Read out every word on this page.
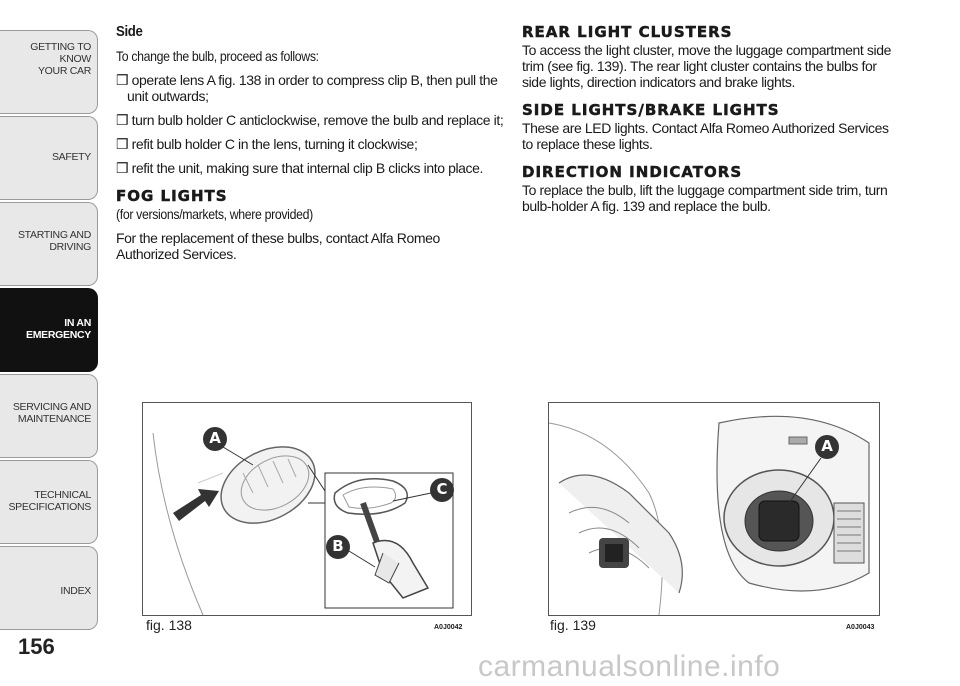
GETTING TO KNOW
YOUR CAR
SAFETY
STARTING AND
DRIVING
IN AN
EMERGENCY
SERVICING AND
MAINTENANCE
TECHNICAL
SPECIFICATIONS
INDEX
156

Side

To change the bulb, proceed as follows:

❒ operate lens A fig. 138 in order to compress clip B, then pull the unit outwards;
❒ turn bulb holder C anticlockwise, remove the bulb and replace it;
❒ refit bulb holder C in the lens, turning it clockwise;
❒ refit the unit, making sure that internal clip B clicks into place.
FOG LIGHTS

(for versions/markets, where provided)

For the replacement of these bulbs, contact Alfa Romeo Authorized Services.
REAR LIGHT CLUSTERS
To access the light cluster, move the luggage compartment side trim (see fig. 139). The rear light cluster contains the bulbs for side lights, direction indicators and brake lights.
SIDE LIGHTS/BRAKE LIGHTS
These are LED lights. Contact Alfa Romeo Authorized Services to replace these lights.
DIRECTION INDICATORS
To replace the bulb, lift the luggage compartment side trim, turn bulb-holder A fig. 139 and replace the bulb.
A
B
C
fig. 138	A0J0042
A
fig. 139	A0J0043
carmanualsonline.info
